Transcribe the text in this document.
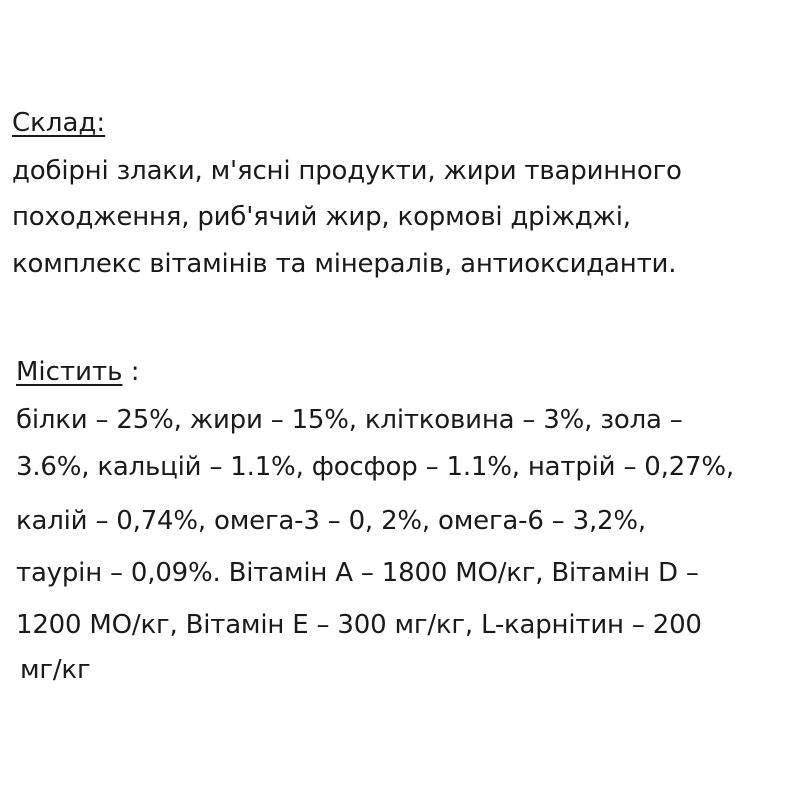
Склад:
добірні злаки, м'ясні продукти, жири тваринного
походження, риб'ячий жир, кормові дріжджі,
комплекс вітамінів та мінералів, антиоксиданти.
Містить :
білки – 25%, жири – 15%, клітковина – 3%, зола –
3.6%, кальцій – 1.1%, фосфор – 1.1%, натрій – 0,27%,
калій – 0,74%, омега-3 – 0, 2%, омега-6 – 3,2%,
таурін – 0,09%. Вітамін А – 1800 МО/кг, Вітамін D –
1200 МО/кг, Вітамін Е – 300 мг/кг, L-карнітин – 200
мг/кг
